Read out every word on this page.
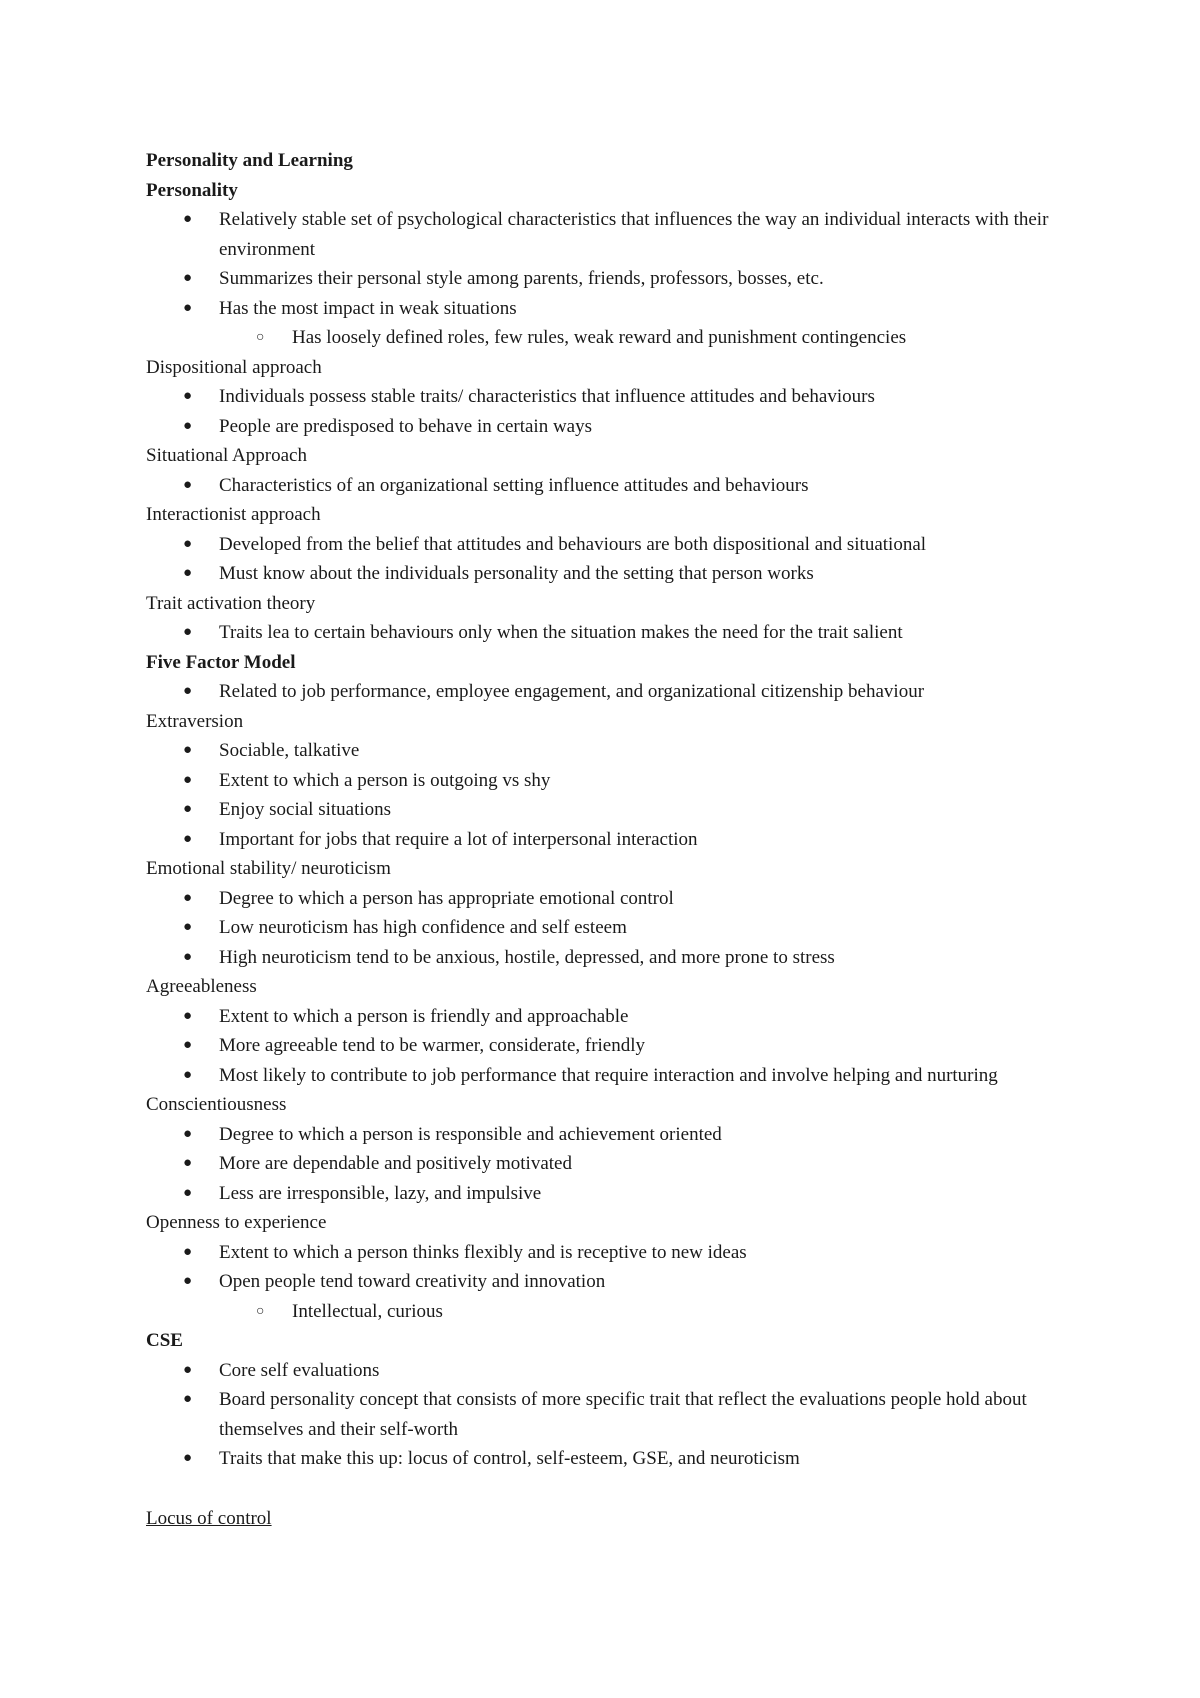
Personality and Learning
Personality
● Relatively stable set of psychological characteristics that influences the way an individual interacts with their environment
● Summarizes their personal style among parents, friends, professors, bosses, etc.
● Has the most impact in weak situations
○ Has loosely defined roles, few rules, weak reward and punishment contingencies
Dispositional approach
● Individuals possess stable traits/ characteristics that influence attitudes and behaviours
● People are predisposed to behave in certain ways
Situational Approach
● Characteristics of an organizational setting influence attitudes and behaviours
Interactionist approach
● Developed from the belief that attitudes and behaviours are both dispositional and situational
● Must know about the individuals personality and the setting that person works
Trait activation theory
● Traits lea to certain behaviours only when the situation makes the need for the trait salient
Five Factor Model
● Related to job performance, employee engagement, and organizational citizenship behaviour
Extraversion
● Sociable, talkative
● Extent to which a person is outgoing vs shy
● Enjoy social situations
● Important for jobs that require a lot of interpersonal interaction
Emotional stability/ neuroticism
● Degree to which a person has appropriate emotional control
● Low neuroticism has high confidence and self esteem
● High neuroticism tend to be anxious, hostile, depressed, and more prone to stress
Agreeableness
● Extent to which a person is friendly and approachable
● More agreeable tend to be warmer, considerate, friendly
● Most likely to contribute to job performance that require interaction and involve helping and nurturing
Conscientiousness
● Degree to which a person is responsible and achievement oriented
● More are dependable and positively motivated
● Less are irresponsible, lazy, and impulsive
Openness to experience
● Extent to which a person thinks flexibly and is receptive to new ideas
● Open people tend toward creativity and innovation
○ Intellectual, curious
CSE
● Core self evaluations
● Board personality concept that consists of more specific trait that reflect the evaluations people hold about themselves and their self-worth
● Traits that make this up: locus of control, self-esteem, GSE, and neuroticism
Locus of control
